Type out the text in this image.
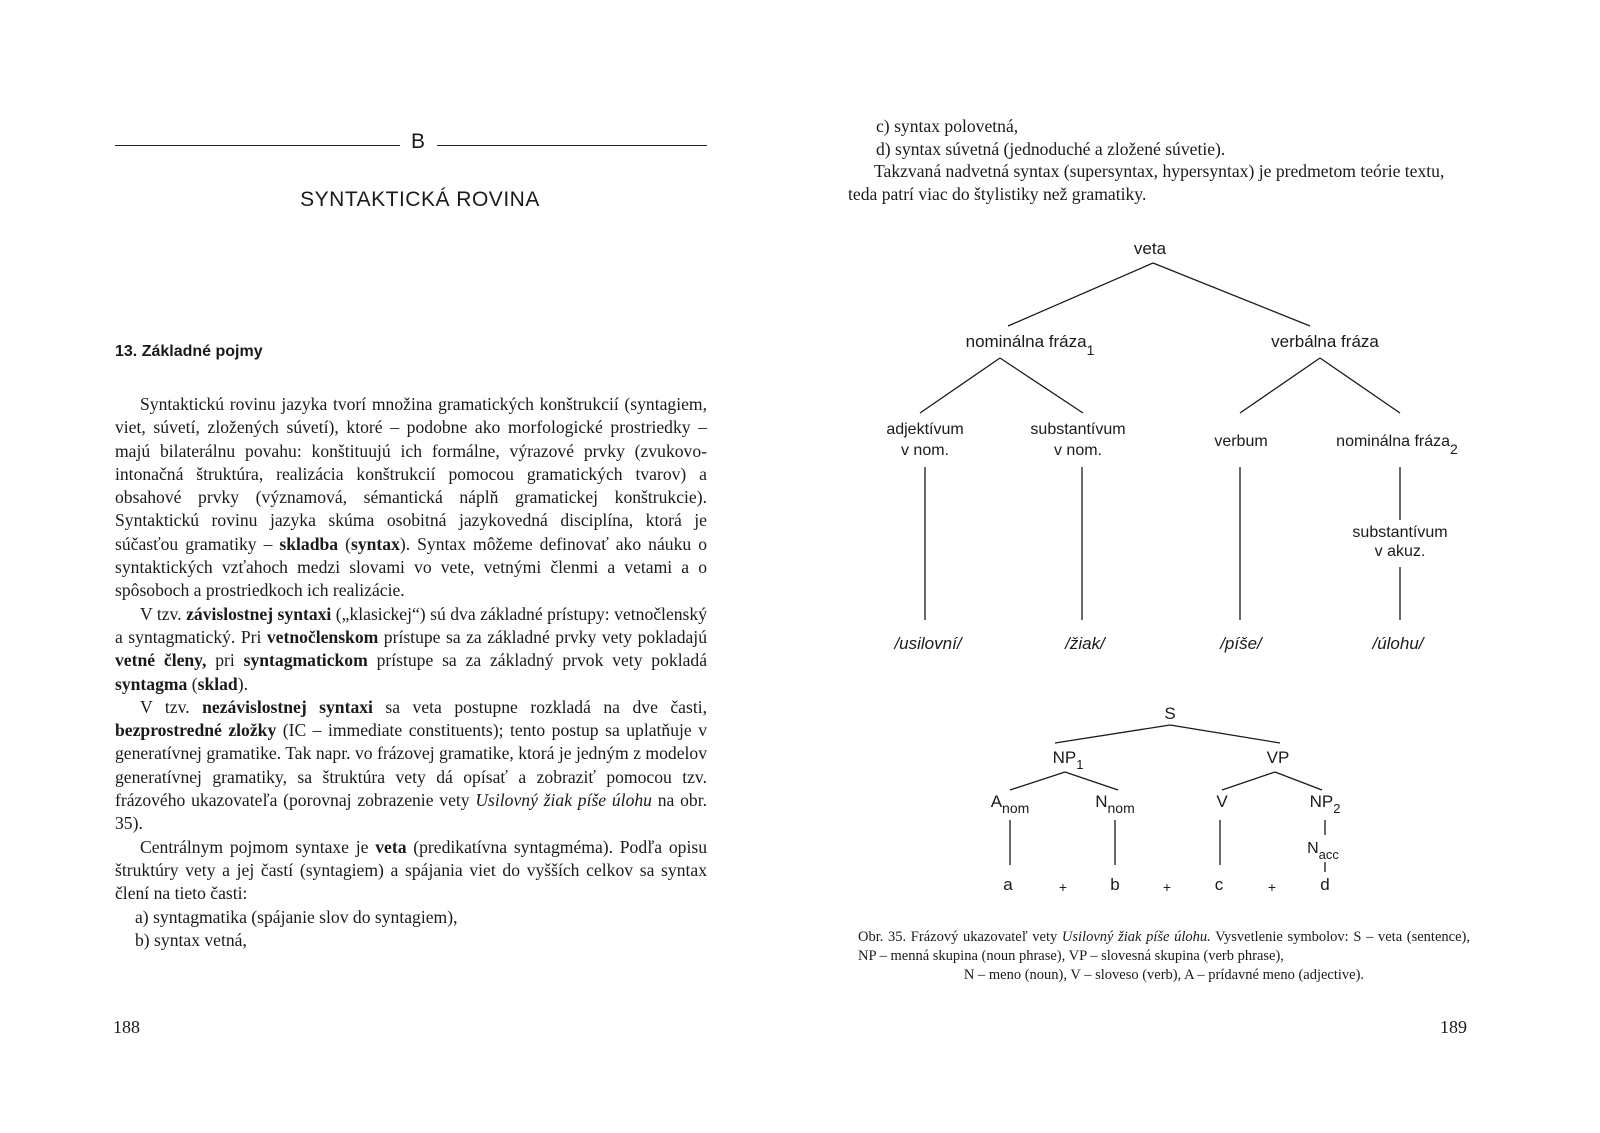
B
SYNTAKTICKÁ ROVINA
13. Základné pojmy

Syntaktickú rovinu jazyka tvorí množina gramatických konštrukcií (syntagiem, viet, súvetí, zložených súvetí), ktoré – podobne ako morfologické prostriedky – majú bilaterálnu povahu: konštituujú ich formálne, výrazové prvky (zvukovo-intonačná štruktúra, realizácia konštrukcií pomocou gramatických tvarov) a obsahové prvky (významová, sémantická náplň gramatickej konštrukcie). Syntaktickú rovinu jazyka skúma osobitná jazykovedná disciplína, ktorá je súčasťou gramatiky – skladba (syntax). Syntax môžeme definovať ako náuku o syntaktických vzťahoch medzi slovami vo vete, vetnými členmi a vetami a o spôsoboch a prostriedkoch ich realizácie.

V tzv. závislostnej syntaxi („klasickej“) sú dva základné prístupy: vetnočlenský a syntagmatický. Pri vetnočlenskom prístupe sa za základné prvky vety pokladajú vetné členy, pri syntagmatickom prístupe sa za základný prvok vety pokladá syntagma (sklad).

V tzv. nezávislostnej syntaxi sa veta postupne rozkladá na dve časti, bezprostredné zložky (IC – immediate constituents); tento postup sa uplatňuje v generatívnej gramatike. Tak napr. vo frázovej gramatike, ktorá je jedným z modelov generatívnej gramatiky, sa štruktúra vety dá opísať a zobraziť pomocou tzv. frázového ukazovateľa (porovnaj zobrazenie vety Usilovný žiak píše úlohu na obr. 35).

Centrálnym pojmom syntaxe je veta (predikatívna syntagméma). Podľa opisu štruktúry vety a jej častí (syntagiem) a spájania viet do vyšších celkov sa syntax člení na tieto časti:

a) syntagmatika (spájanie slov do syntagiem),
b) syntax vetná,
188
c) syntax polovetná,
d) syntax súvetná (jednoduché a zložené súvetie).

Takzvaná nadvetná syntax (supersyntax, hypersyntax) je predmetom teórie textu, teda patrí viac do štylistiky než gramatiky.

veta
nominálna fráza$_1$	verbálna fráza
adjektívum v nom.
substantívum v nom.
verbum	nominálna fráza2
substantívum v akuz.
/usilovní/	/žiak/	/píše/	/úlohu/
S
$NP_1$	VP
$A_{nom}$	$N_{nom}$	V	$NP_2$
$N_{acc}$
a	+	b	+	c	+	d
Obr. 35. Frázový ukazovateľ vety Usilovný žiak píše úlohu. Vysvetlenie symbolov: S – veta (sentence), NP – menná skupina (noun phrase), VP – slovesná skupina (verb phrase),
N – meno (noun), V – sloveso (verb), A – prídavné meno (adjective).
189
